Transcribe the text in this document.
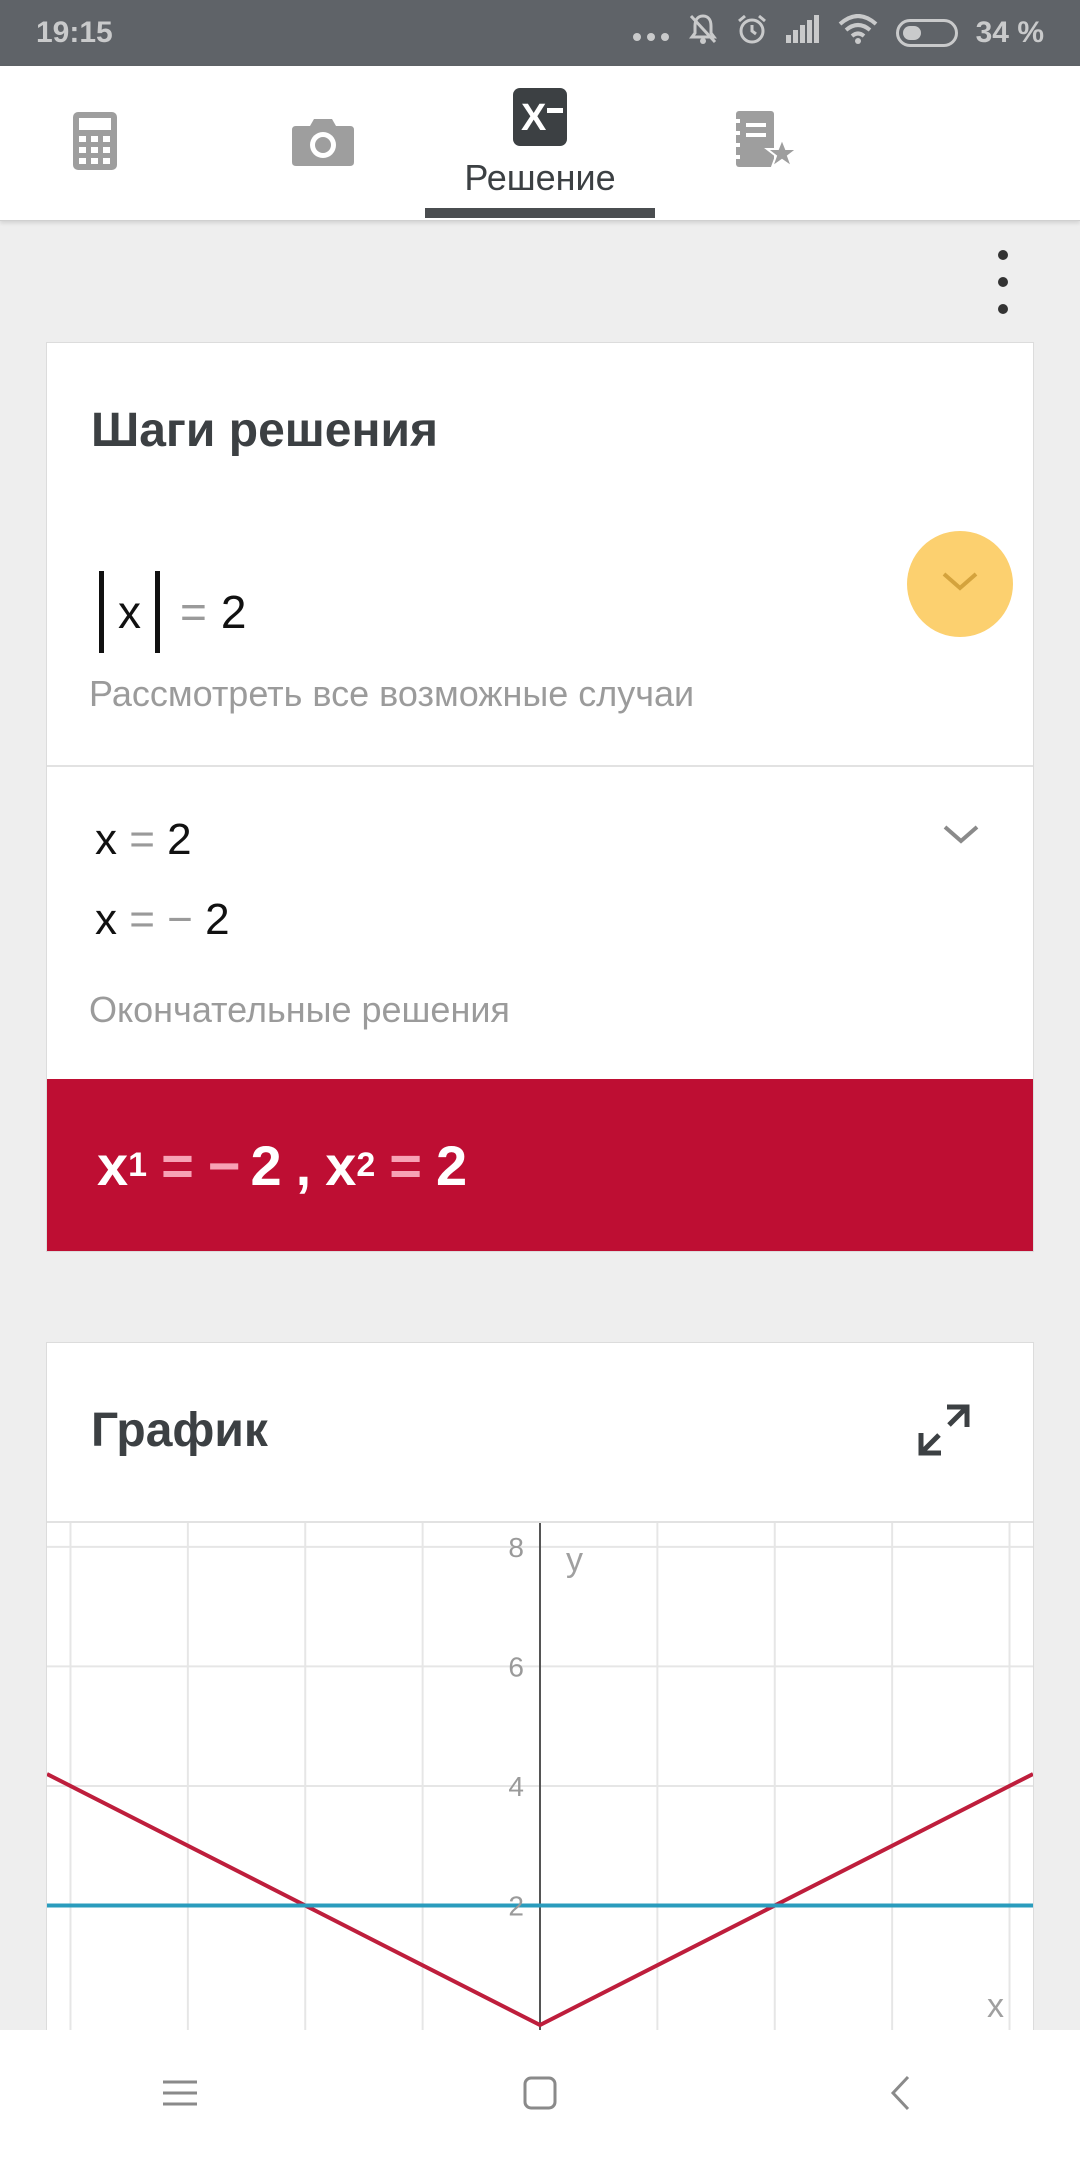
19:15	34 %
X
Решение
Шаги решения
x = 2
Рассмотреть все возможные случаи
x = 2
x = − 2
Окончательные решения
x 1 = − 2 , x 2 = 2
График
2
4
6
8 y
x
